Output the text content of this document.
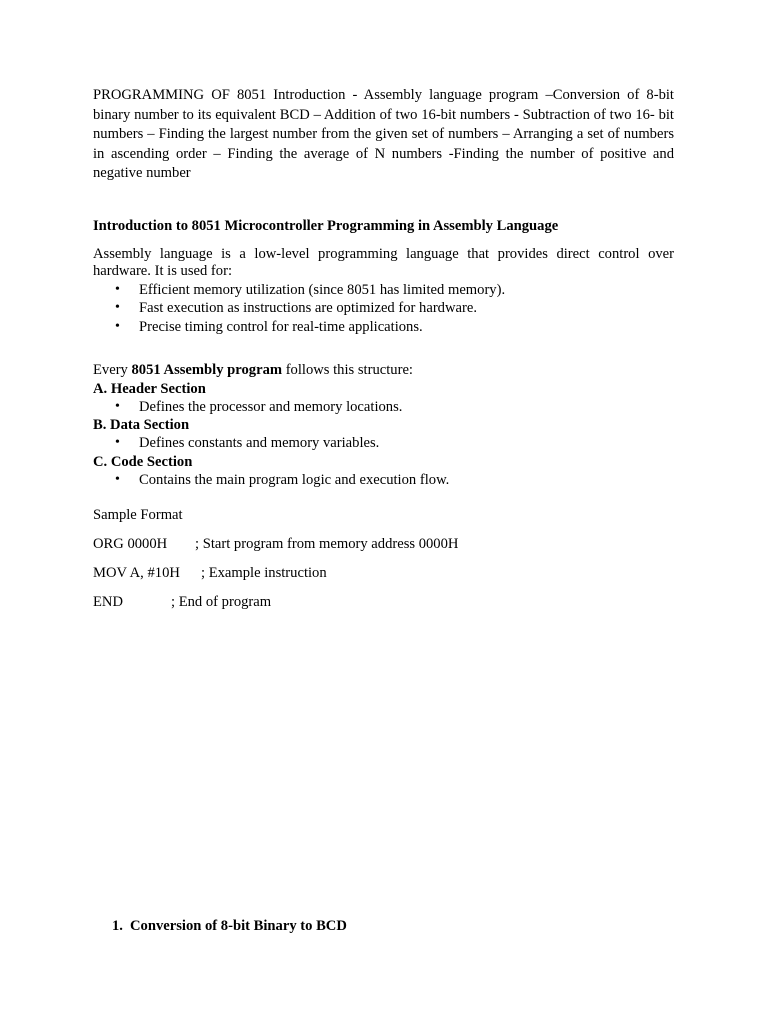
PROGRAMMING OF 8051 Introduction - Assembly language program –Conversion of 8-bit binary number to its equivalent BCD – Addition of two 16-bit numbers - Subtraction of two 16- bit numbers – Finding the largest number from the given set of numbers – Arranging a set of numbers in ascending order – Finding the average of N numbers -Finding the number of positive and negative number

Introduction to 8051 Microcontroller Programming in Assembly Language

Assembly language is a low-level programming language that provides direct control over hardware. It is used for:

• Efficient memory utilization (since 8051 has limited memory).
• Fast execution as instructions are optimized for hardware.
• Precise timing control for real-time applications.

Every 8051 Assembly program follows this structure:

A. Header Section

• Defines the processor and memory locations.

B. Data Section

• Defines constants and memory variables.

C. Code Section

• Contains the main program logic and execution flow.

Sample Format

ORG 0000H ; Start program from memory address 0000H

MOV A, #10H ; Example instruction

END	; End of program

1. Conversion of 8-bit Binary to BCD
